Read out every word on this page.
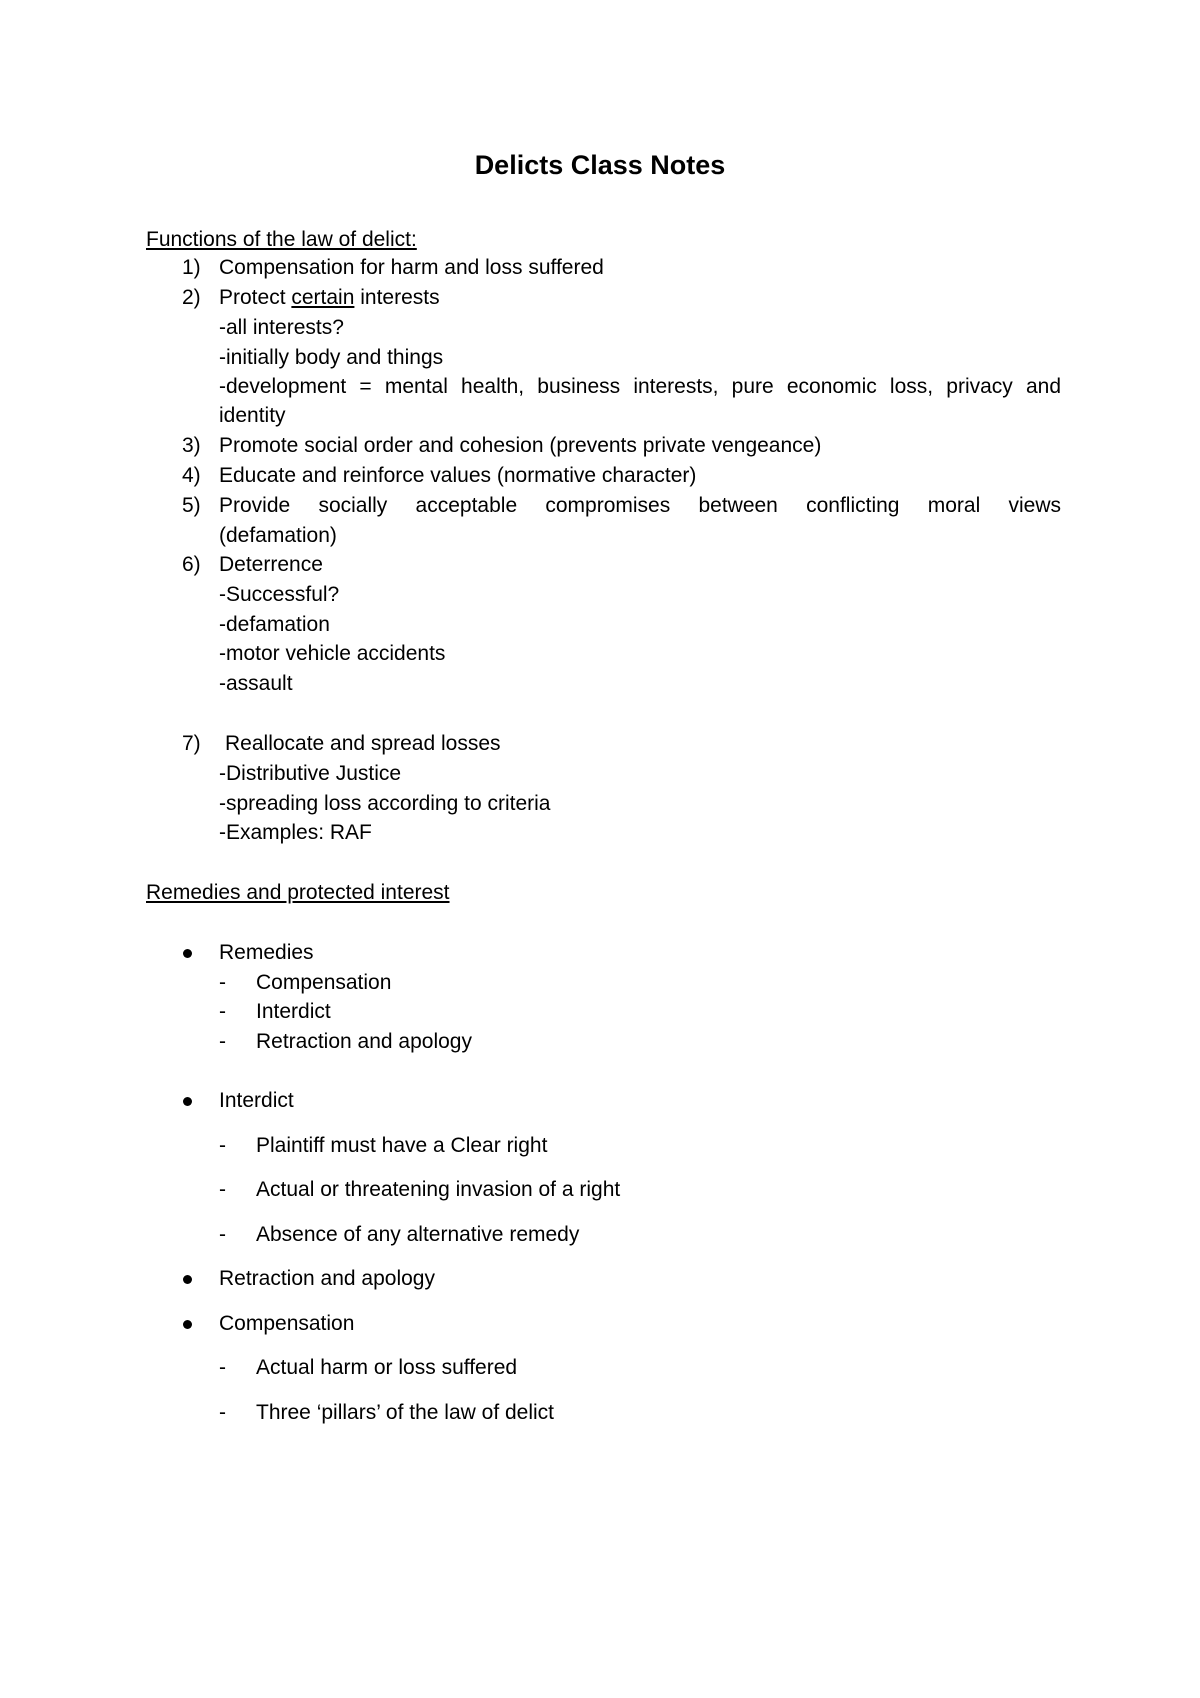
Delicts Class Notes
Functions of the law of delict:
1) Compensation for harm and loss suffered
2) Protect certain interests
-all interests?
-initially body and things
-development = mental health, business interests, pure economic loss, privacy and
identity
3) Promote social order and cohesion (prevents private vengeance)
4) Educate and reinforce values (normative character)
5) Provide socially acceptable compromises between conflicting moral views
(defamation)
6) Deterrence
-Successful?
-defamation
-motor vehicle accidents
-assault
7) Reallocate and spread losses
-Distributive Justice
-spreading loss according to criteria
-Examples: RAF
Remedies and protected interest
Remedies
- Compensation
- Interdict
- Retraction and apology
Interdict
- Plaintiff must have a Clear right
- Actual or threatening invasion of a right
- Absence of any alternative remedy
Retraction and apology
Compensation
- Actual harm or loss suffered
- Three ‘pillars’ of the law of delict
